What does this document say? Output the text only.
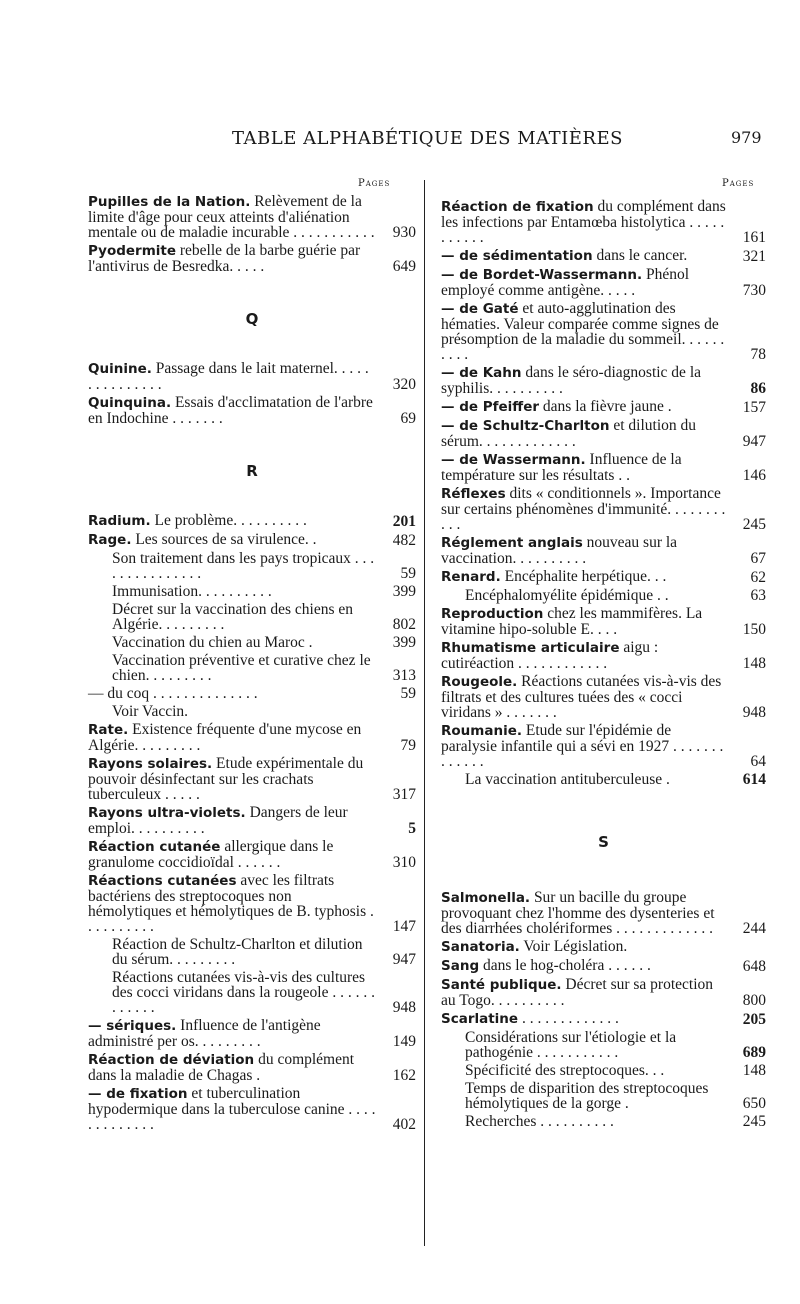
TABLE ALPHABÉTIQUE DES MATIÈRES	979
Pages	Pages
Pupilles de la Nation. Relèvement de la limite d'âge pour ceux atteints d'aliénation mentale ou de maladie incurable . . . . . . . . . . . 930
Pyodermite rebelle de la barbe guérie par l'antivirus de Besredka. . . . .	649
Q
Quinine. Passage dans le lait maternel. . . . . . . . . . . . . . .	320
Quinquina. Essais d'acclimatation de l'arbre en Indochine . . . . . . .	69
R
Radium. Le problème. . . . . . . . . .	201
Rage. Les sources de sa virulence. .	482
Son traitement dans les pays tropicaux . . . . . . . . . . . . . . .	59
Immunisation. . . . . . . . . .	399
Décret sur la vaccination des chiens en Algérie. . . . . . . . .	802
Vaccination du chien au Maroc .	399
Vaccination préventive et curative chez le chien. . . . . . . . .	313
— du coq . . . . . . . . . . . . . .	59
Voir Vaccin.
Rate. Existence fréquente d'une mycose en Algérie. . . . . . . . .	79
Rayons solaires. Etude expérimentale du pouvoir désinfectant sur les crachats tuberculeux . . . . .	317
Rayons ultra-violets. Dangers de leur emploi. . . . . . . . . .	5
Réaction cutanée allergique dans le granulome coccidioïdal . . . . . .	310
Réactions cutanées avec les filtrats bactériens des streptocoques non hémolytiques et hémolytiques de B. typhosis . . . . . . . . . .	147
Réaction de Schultz-Charlton et dilution du sérum. . . . . . . . .	947
Réactions cutanées vis-à-vis des cultures des cocci viridans dans la rougeole . . . . . . . . . . . .	948
— sériques. Influence de l'antigène administré per os. . . . . . . . .	149
Réaction de déviation du complément dans la maladie de Chagas .	162
— de fixation et tuberculination hypodermique dans la tuberculose canine . . . . . . . . . . . . .	402
Réaction de fixation du complément dans les infections par Entamœba histolytica . . . . . . . . . . .	161
— de sédimentation dans le cancer.	321
— de Bordet-Wassermann. Phénol employé comme antigène. . . . .	730
— de Gaté et auto-agglutination des hématies. Valeur comparée comme signes de présomption de la maladie du sommeil. . . . . . . . . .	78
— de Kahn dans le séro-diagnostic de la syphilis. . . . . . . . . .	86
— de Pfeiffer dans la fièvre jaune .	157
— de Schultz-Charlton et dilution du sérum. . . . . . . . . . . . .	947
— de Wassermann. Influence de la température sur les résultats . .	146
Réflexes dits « conditionnels ». Importance sur certains phénomènes d'immunité. . . . . . . . . . .	245
Réglement anglais nouveau sur la vaccination. . . . . . . . . .	67
Renard. Encéphalite herpétique. . .	62
Encéphalomyélite épidémique . .	63
Reproduction chez les mammifères. La vitamine hipo-soluble E. . . .	150
Rhumatisme articulaire aigu : cutiréaction . . . . . . . . . . . .	148
Rougeole. Réactions cutanées vis-à-vis des filtrats et des cultures tuées des « cocci viridans » . . . . . . .	948
Roumanie. Etude sur l'épidémie de paralysie infantile qui a sévi en 1927 . . . . . . . . . . . . .	64
La vaccination antituberculeuse .	614
S
Salmonella. Sur un bacille du groupe provoquant chez l'homme des dysenteries et des diarrhées cholériformes . . . . . . . . . . . . . 244
Sanatoria. Voir Législation.
Sang dans le hog-choléra . . . . . .	648
Santé publique. Décret sur sa protection au Togo. . . . . . . . . .	800
Scarlatine . . . . . . . . . . . . .	205
Considérations sur l'étiologie et la pathogénie . . . . . . . . . . .	689
Spécificité des streptocoques. . .	148
Temps de disparition des streptocoques hémolytiques de la gorge .	650
Recherches . . . . . . . . . .	245
